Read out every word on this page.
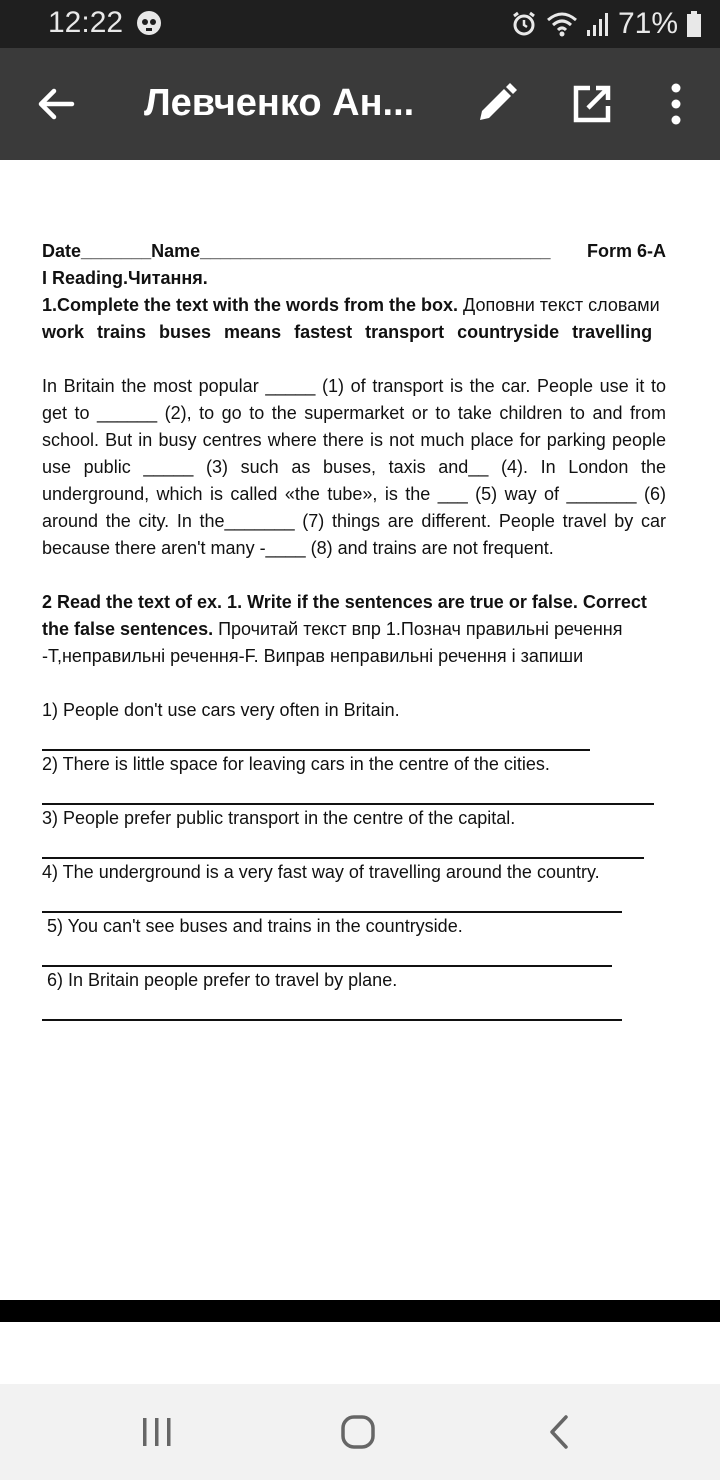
12:22	71%
Левченко Ан...
Date_______ Name___________________________________	Form 6-A
I Reading.Читання.
1.Complete the text with the words from the box. Доповни текст словами
work trains buses means fastest transport countryside travelling
In Britain the most popular _____ (1) of transport is the car. People use it to get to ______ (2), to go to the supermarket or to take children to and from school. But in busy centres where there is not much place for parking people use public _____ (3) such as buses, taxis and__ (4). In London the underground, which is called «the tube», is the ___ (5) way of _______ (6) around the city. In the_______ (7) things are different. People travel by car because there aren't many -____ (8) and trains are not frequent.
2 Read the text of ex. 1. Write if the sentences are true or false. Correct the false sentences. Прочитай текст впр 1.Познач правильні речення -Т,неправильні речення-F. Виправ неправильні речення і запиши
1) People don't use cars very often in Britain.
2) There is little space for leaving cars in the centre of the cities.
3) People prefer public transport in the centre of the capital.
4) The underground is a very fast way of travelling around the country.
5) You can't see buses and trains in the countryside.
6) In Britain people prefer to travel by plane.
